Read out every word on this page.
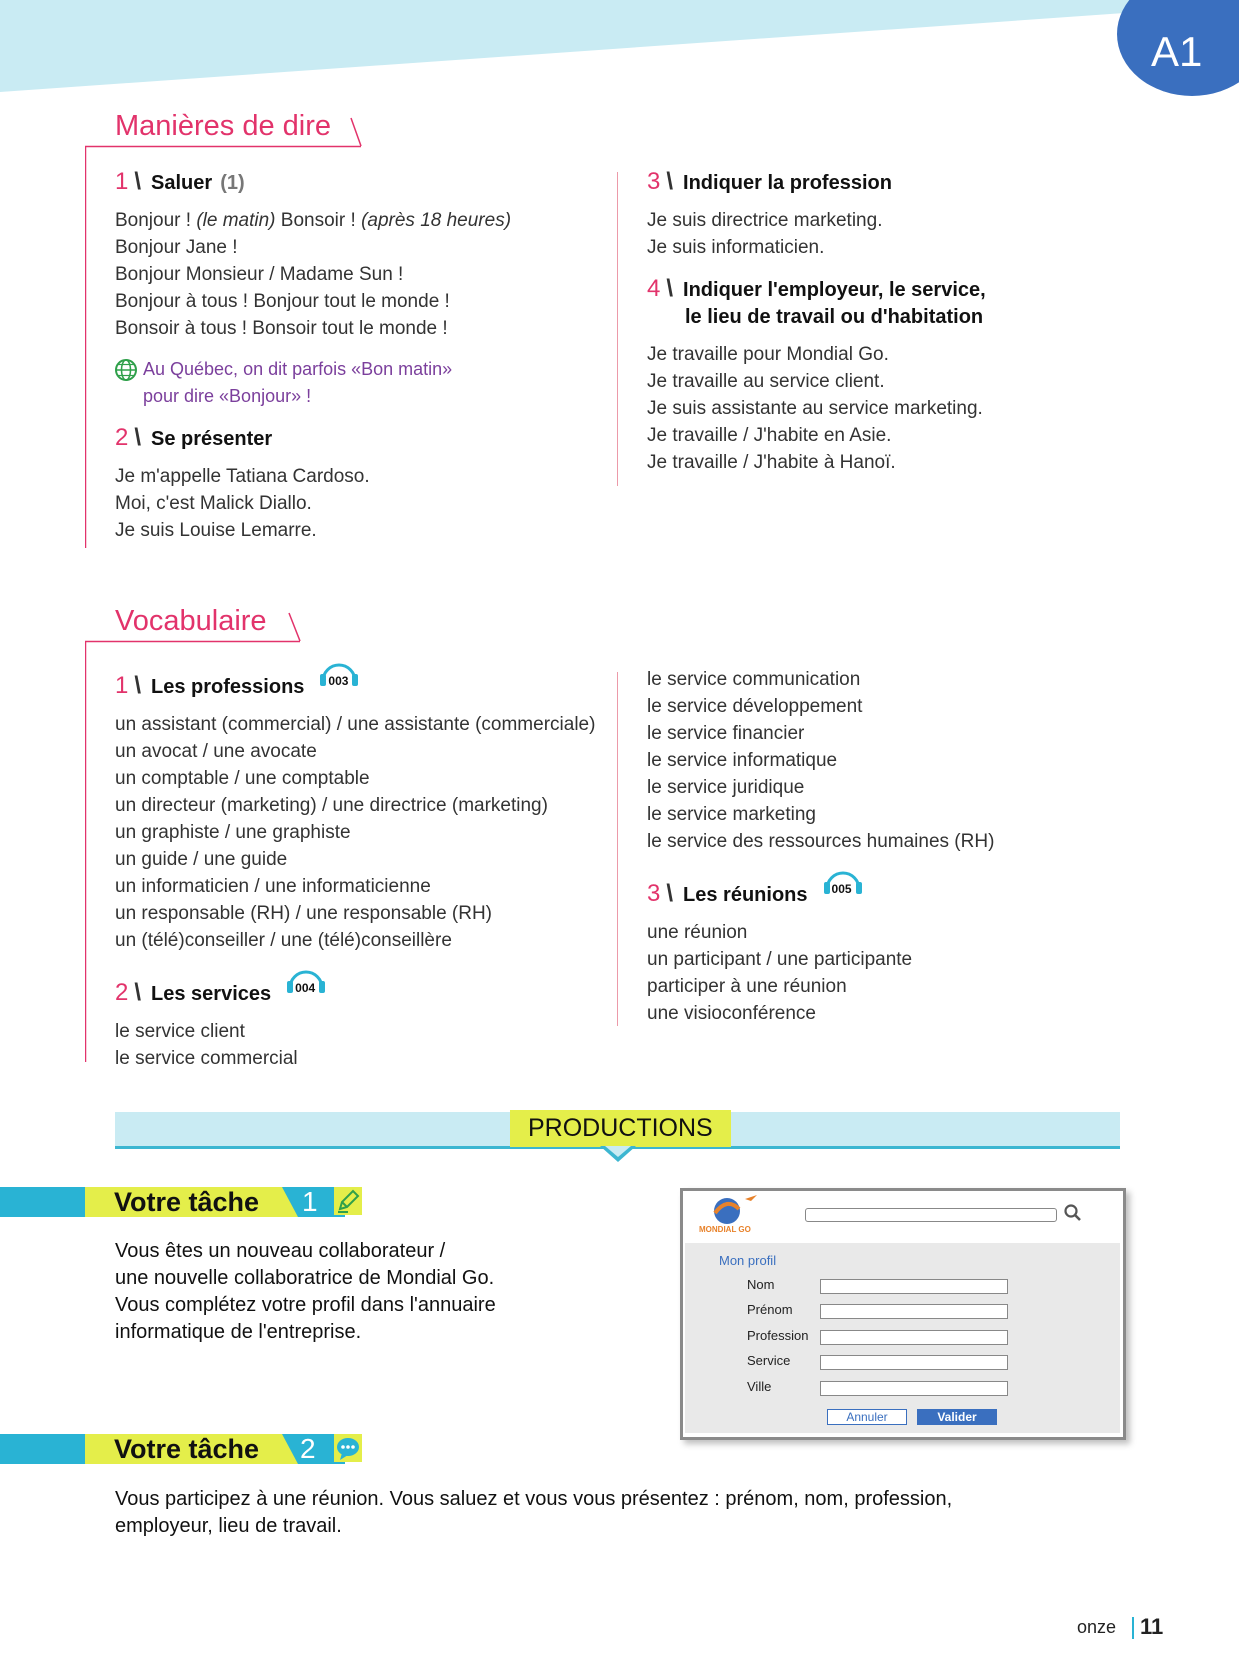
A1
Manières de dire
1 \ Saluer (1)
Bonjour ! (le matin) Bonsoir ! (après 18 heures)
Bonjour Jane !
Bonjour Monsieur / Madame Sun !
Bonjour à tous ! Bonjour tout le monde !
Bonsoir à tous ! Bonsoir tout le monde !
Au Québec, on dit parfois «Bon matin»
pour dire «Bonjour» !
2 \ Se présenter
Je m'appelle Tatiana Cardoso.
Moi, c'est Malick Diallo.
Je suis Louise Lemarre.
3 \ Indiquer la profession
Je suis directrice marketing.
Je suis informaticien.
4 \ Indiquer l'employeur, le service,
le lieu de travail ou d'habitation
Je travaille pour Mondial Go.
Je travaille au service client.
Je suis assistante au service marketing.
Je travaille / J'habite en Asie.
Je travaille / J'habite à Hanoï.
Vocabulaire
1 \ Les professions 003
un assistant (commercial) / une assistante (commerciale)
un avocat / une avocate
un comptable / une comptable
un directeur (marketing) / une directrice (marketing)
un graphiste / une graphiste
un guide / une guide
un informaticien / une informaticienne
un responsable (RH) / une responsable (RH)
un (télé)conseiller / une (télé)conseillère
2 \ Les services 004
le service client
le service commercial
le service communication
le service développement
le service financier
le service informatique
le service juridique
le service marketing
le service des ressources humaines (RH)
3 \ Les réunions 005
une réunion
un participant / une participante
participer à une réunion
une visioconférence
PRODUCTIONS
Votre tâche 1
Vous êtes un nouveau collaborateur /
une nouvelle collaboratrice de Mondial Go.
Vous complétez votre profil dans l'annuaire
informatique de l'entreprise.
MONDIAL GO
Mon profil
Nom
Prénom
Profession
Service
Ville
Annuler	Valider
Votre tâche 2
Vous participez à une réunion. Vous saluez et vous vous présentez : prénom, nom, profession,
employeur, lieu de travail.
onze 11
